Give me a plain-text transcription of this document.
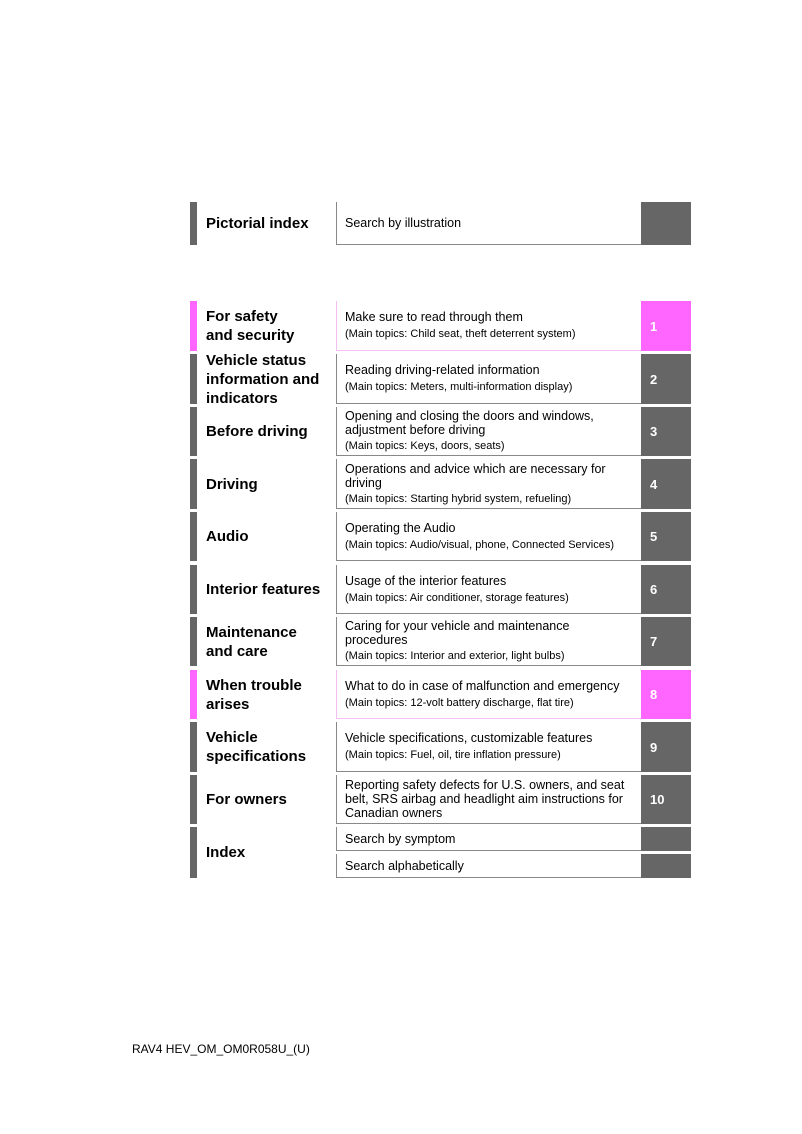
Pictorial index	Search by illustration
For safety
and security
Make sure to read through them
(Main topics: Child seat, theft deterrent system)
1
Vehicle status
information and
indicators
Reading driving-related information
(Main topics: Meters, multi-information display)
2
Before driving
Opening and closing the doors and windows, adjustment before driving
(Main topics: Keys, doors, seats)
3
Driving
Operations and advice which are necessary for driving
(Main topics: Starting hybrid system, refueling)
4
Audio
Operating the Audio
(Main topics: Audio/visual, phone, Connected Services)
5
Interior features
Usage of the interior features
(Main topics: Air conditioner, storage features)
6
Maintenance
and care
Caring for your vehicle and maintenance procedures
(Main topics: Interior and exterior, light bulbs)
7
When trouble
arises
What to do in case of malfunction and emergency
(Main topics: 12-volt battery discharge, flat tire)
8
Vehicle
specifications
Vehicle specifications, customizable features
(Main topics: Fuel, oil, tire inflation pressure)
9
For owners
Reporting safety defects for U.S. owners, and seat belt, SRS airbag and headlight aim instructions for Canadian owners
10
Index
Search by symptom
Search alphabetically
RAV4 HEV_OM_OM0R058U_(U)
